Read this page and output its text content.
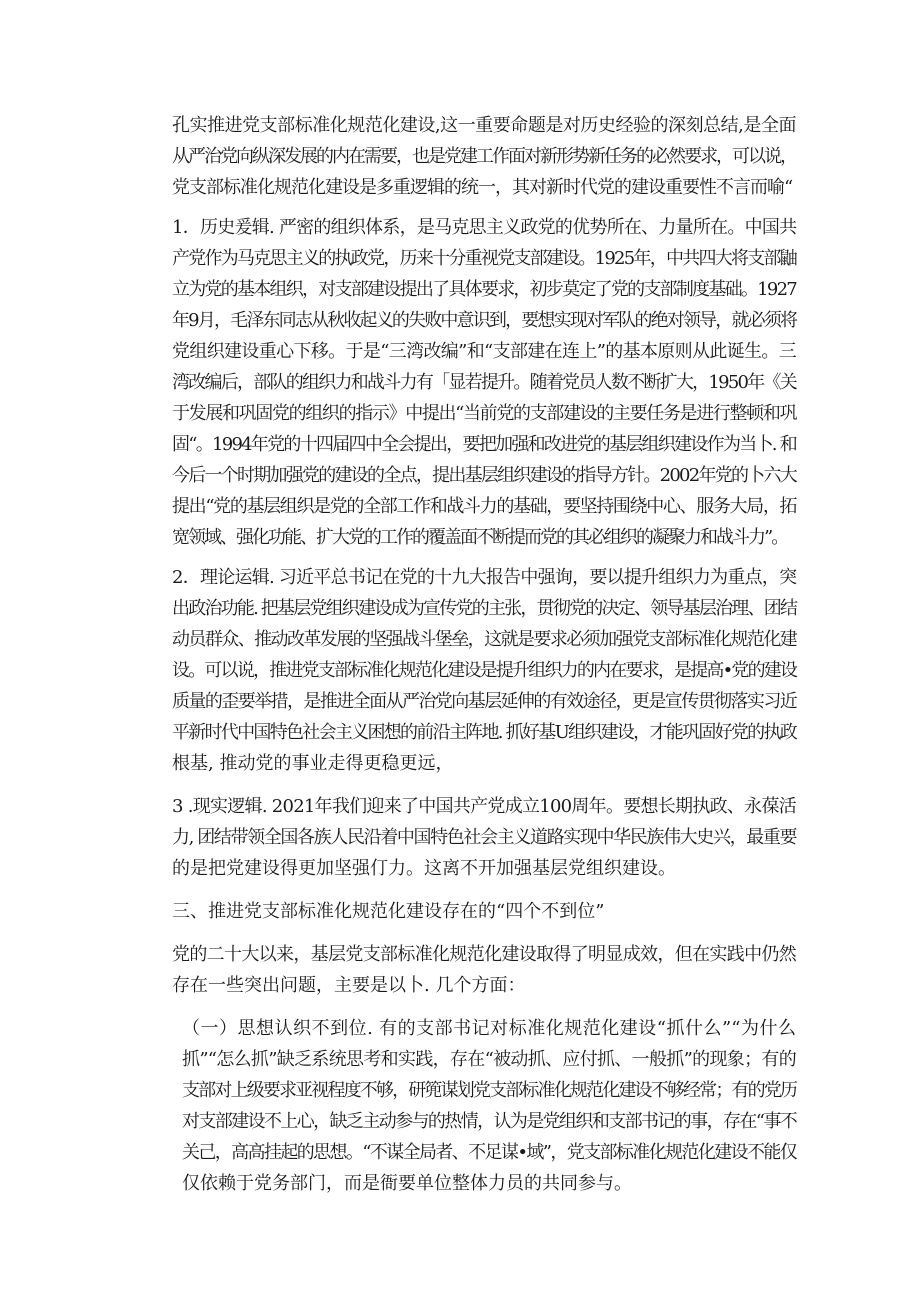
孔实推进党支部标准化规范化建设,这一重要命题是对历史经验的深刻总结,是全面
从严治党向纵深发展的内在需要，也是党建工作面对新形势新任务的必然要求，可以说，
党支部标准化规范化建设是多重逻辑的统一，其对新时代党的建设重要性不言而喻“
1．历史爰辑. 严密的组织体系，是马克思主义政党的优势所在、力量所在。中国共
产党作为马克思主义的执政党，历来十分重视党支部建设。1925年，中共四大将支部鼬
立为党的基本组织，对支部建设提出了具体要求，初步莫定了党的支部制度基础。1927
年9月，毛泽东同志从秋收起义的失败中意识到，要想实现对军队的绝对领导，就必须将
党组织建设重心下移。于是“三湾改编”和“支部建在连上”的基本原则从此诞生。三
湾改编后，部队的组织力和战斗力有「显若提升。随着党员人数不断扩大，1950年《关
于发展和巩固党的组织的指示》中提出“当前党的支部建设的主要任务是进行整顿和巩
固“。1994年党的十四届四中全会提出，要把加强和改进党的基层组织建设作为当卜. 和
今后一个时期加强党的建设的全点，提出基层组织建设的指导方针。2002年党的卜六大
提出“党的基层组织是党的全部工作和战斗力的基础，要坚持围绕中心、服务大局，拓
宽领域、强化功能、扩大党的工作的覆盖面不断提而党的其必组织的凝聚力和战斗力”。
2．理论运辑. 习近平总书记在党的十九大报告中强询，要以提升组织力为重点，突
出政治功能. 把基层党组织建设成为宣传党的主张，贯彻党的决定、领导基层治理、团结
动员群众、推动改革发展的坚强战斗堡垒，这就是要求必须加强党支部标准化规范化建
设。可以说，推进党支部标准化规范化建设是提升组织力的内在要求，是提高•党的建设
质量的歪要举措，是推进全面从严治党向基层延伸的有效途径，更是宣传贯彻落实习近
平新时代中国特色社会主义困想的前沿主阵地. 抓好基U组织建设，才能巩固好党的执政
根基, 推动党的事业走得更稳更远，
3 .现实逻辑. 2021年我们迎来了中国共产党成立100周年。要想长期执政、永葆活
力, 团结带领全国各族人民沿着中国特色社会主义道路实现中华民族伟大史兴，最重要
的是把党建设得更加坚强仃力。这离不开加强基层党组织建设。
三、推进党支部标准化规范化建设存在的“四个不到位”
党的二十大以来，基层党支部标准化规范化建设取得了明显成效，但在实践中仍然
存在一些突出问题，主要是以卜. 几个方面：
（一）思想认织不到位. 有的支部书记对标准化规范化建设“抓什么”“为什么
抓”“怎么抓”缺乏系统思考和实践，存在“被动抓、应付抓、一般抓”的现象；有的
支部对上级要求亚视程度不够，研篼谋划党支部标准化规范化建设不够经常；有的党历
对支部建设不上心，缺乏主动参与的热情，认为是党组织和支部书记的事，存在“事不
关己，高高挂起的思想。“不谋全局者、不足谋•域”，党支部标准化规范化建设不能仅
仅依赖于党务部门，而是衙要单位整体力员的共同参与。
